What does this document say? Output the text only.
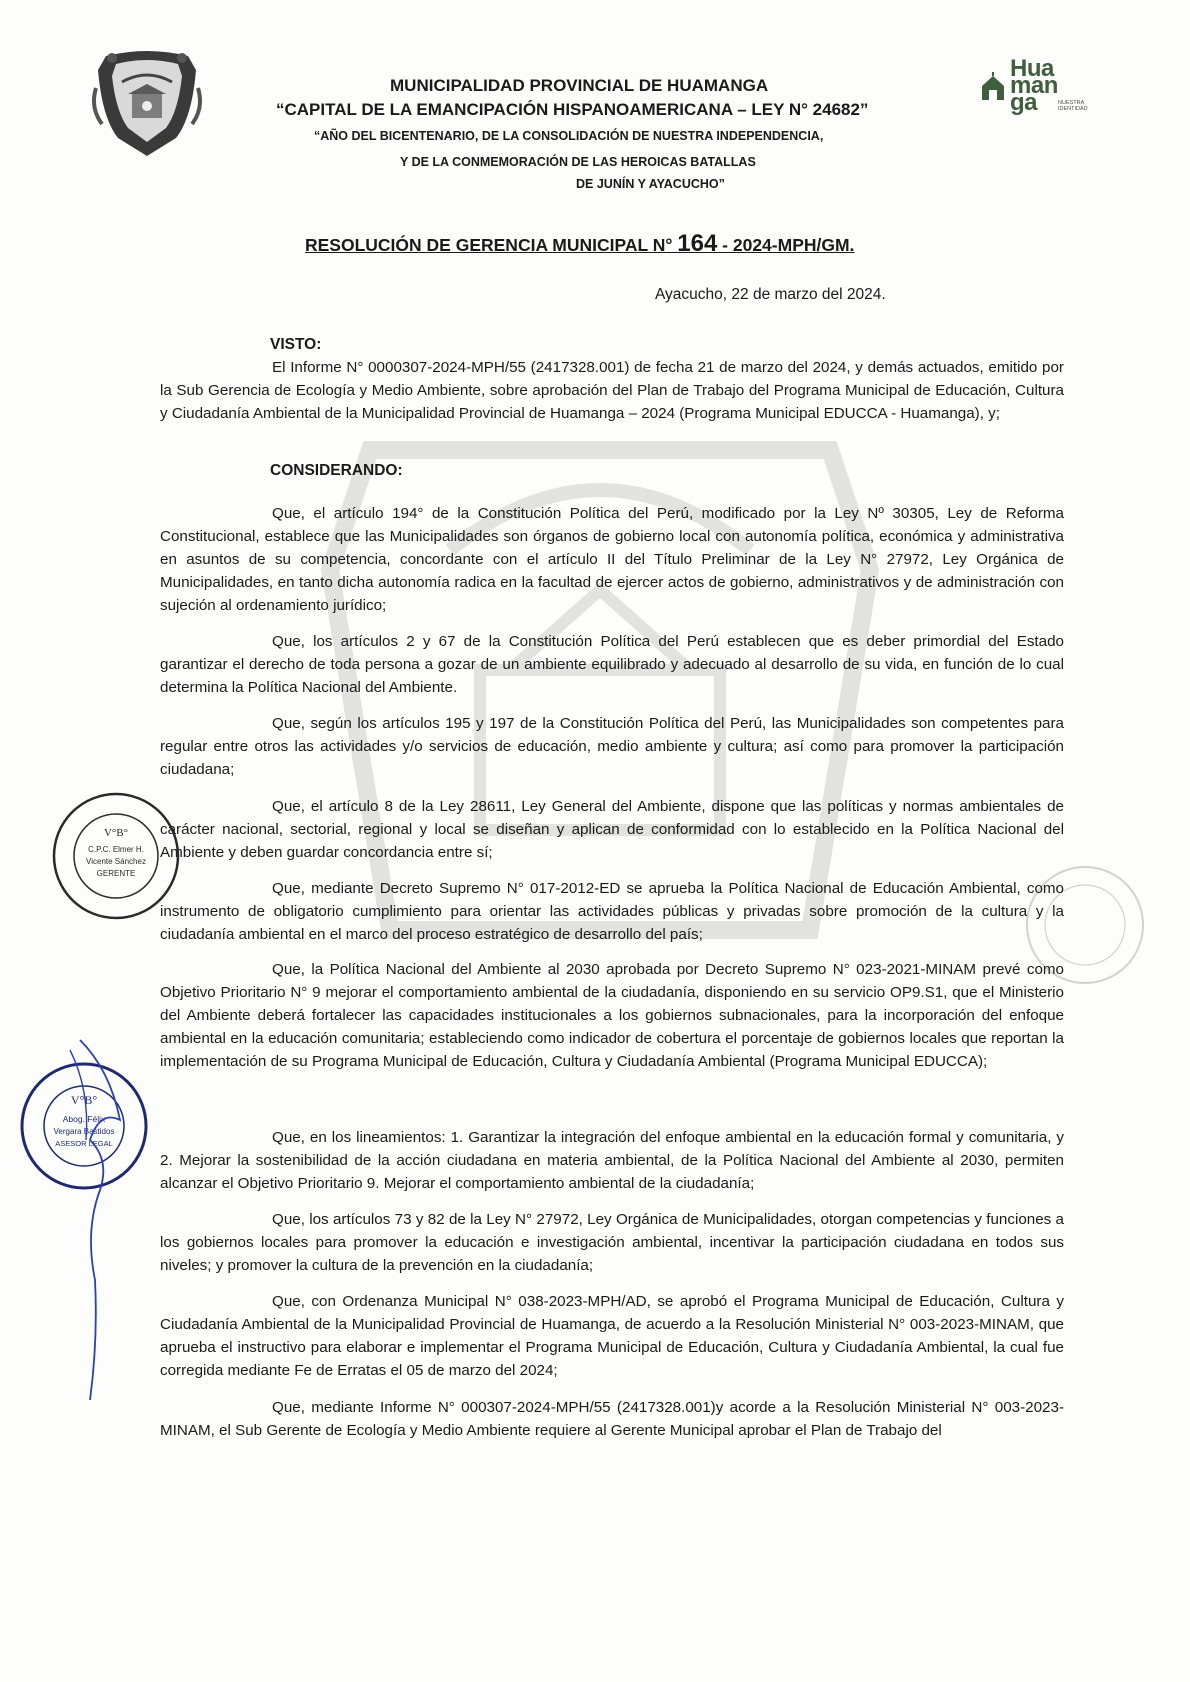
Hua
man
ga	NUESTRA IDENTIDAD
MUNICIPALIDAD PROVINCIAL DE HUAMANGA
“CAPITAL DE LA EMANCIPACIÓN HISPANOAMERICANA – LEY N° 24682”
“AÑO DEL BICENTENARIO, DE LA CONSOLIDACIÓN DE NUESTRA INDEPENDENCIA,
Y DE LA CONMEMORACIÓN DE LAS HEROICAS BATALLAS
DE JUNÍN Y AYACUCHO”
RESOLUCIÓN DE GERENCIA MUNICIPAL N° 164 - 2024-MPH/GM.
Ayacucho, 22 de marzo del 2024.
VISTO:
El Informe N° 0000307-2024-MPH/55 (2417328.001) de fecha 21 de marzo del 2024, y demás actuados, emitido por la Sub Gerencia de Ecología y Medio Ambiente, sobre aprobación del Plan de Trabajo del Programa Municipal de Educación, Cultura y Ciudadanía Ambiental de la Municipalidad Provincial de Huamanga – 2024 (Programa Municipal EDUCCA - Huamanga), y;
CONSIDERANDO:
Que, el artículo 194° de la Constitución Política del Perú, modificado por la Ley Nº 30305, Ley de Reforma Constitucional, establece que las Municipalidades son órganos de gobierno local con autonomía política, económica y administrativa en asuntos de su competencia, concordante con el artículo II del Título Preliminar de la Ley N° 27972, Ley Orgánica de Municipalidades, en tanto dicha autonomía radica en la facultad de ejercer actos de gobierno, administrativos y de administración con sujeción al ordenamiento jurídico;
Que, los artículos 2 y 67 de la Constitución Política del Perú establecen que es deber primordial del Estado garantizar el derecho de toda persona a gozar de un ambiente equilibrado y adecuado al desarrollo de su vida, en función de lo cual determina la Política Nacional del Ambiente.
Que, según los artículos 195 y 197 de la Constitución Política del Perú, las Municipalidades son competentes para regular entre otros las actividades y/o servicios de educación, medio ambiente y cultura; así como para promover la participación ciudadana;
Que, el artículo 8 de la Ley 28611, Ley General del Ambiente, dispone que las políticas y normas ambientales de carácter nacional, sectorial, regional y local se diseñan y aplican de conformidad con lo establecido en la Política Nacional del Ambiente y deben guardar concordancia entre sí;
Que, mediante Decreto Supremo N° 017-2012-ED se aprueba la Política Nacional de Educación Ambiental, como instrumento de obligatorio cumplimiento para orientar las actividades públicas y privadas sobre promoción de la cultura y la ciudadanía ambiental en el marco del proceso estratégico de desarrollo del país;
Que, la Política Nacional del Ambiente al 2030 aprobada por Decreto Supremo N° 023-2021-MINAM prevé como Objetivo Prioritario N° 9 mejorar el comportamiento ambiental de la ciudadanía, disponiendo en su servicio OP9.S1, que el Ministerio del Ambiente deberá fortalecer las capacidades institucionales a los gobiernos subnacionales, para la incorporación del enfoque ambiental en la educación comunitaria; estableciendo como indicador de cobertura el porcentaje de gobiernos locales que reportan la implementación de su Programa Municipal de Educación, Cultura y Ciudadanía Ambiental (Programa Municipal EDUCCA);
Que, en los lineamientos: 1. Garantizar la integración del enfoque ambiental en la educación formal y comunitaria, y 2. Mejorar la sostenibilidad de la acción ciudadana en materia ambiental, de la Política Nacional del Ambiente al 2030, permiten alcanzar el Objetivo Prioritario 9. Mejorar el comportamiento ambiental de la ciudadanía;
Que, los artículos 73 y 82 de la Ley N° 27972, Ley Orgánica de Municipalidades, otorgan competencias y funciones a los gobiernos locales para promover la educación e investigación ambiental, incentivar la participación ciudadana en todos sus niveles; y promover la cultura de la prevención en la ciudadanía;
Que, con Ordenanza Municipal N° 038-2023-MPH/AD, se aprobó el Programa Municipal de Educación, Cultura y Ciudadanía Ambiental de la Municipalidad Provincial de Huamanga, de acuerdo a la Resolución Ministerial N° 003-2023-MINAM, que aprueba el instructivo para elaborar e implementar el Programa Municipal de Educación, Cultura y Ciudadanía Ambiental, la cual fue corregida mediante Fe de Erratas el 05 de marzo del 2024;
Que, mediante Informe N° 000307-2024-MPH/55 (2417328.001)y acorde a la Resolución Ministerial N° 003-2023-MINAM, el Sub Gerente de Ecología y Medio Ambiente requiere al Gerente Municipal aprobar el Plan de Trabajo del
V°B°
C.P.C. Elmer H.
Vicente Sánchez
GERENTE
V°B°
Abog. Félix
Vergara Bastidos
ASESOR LEGAL
